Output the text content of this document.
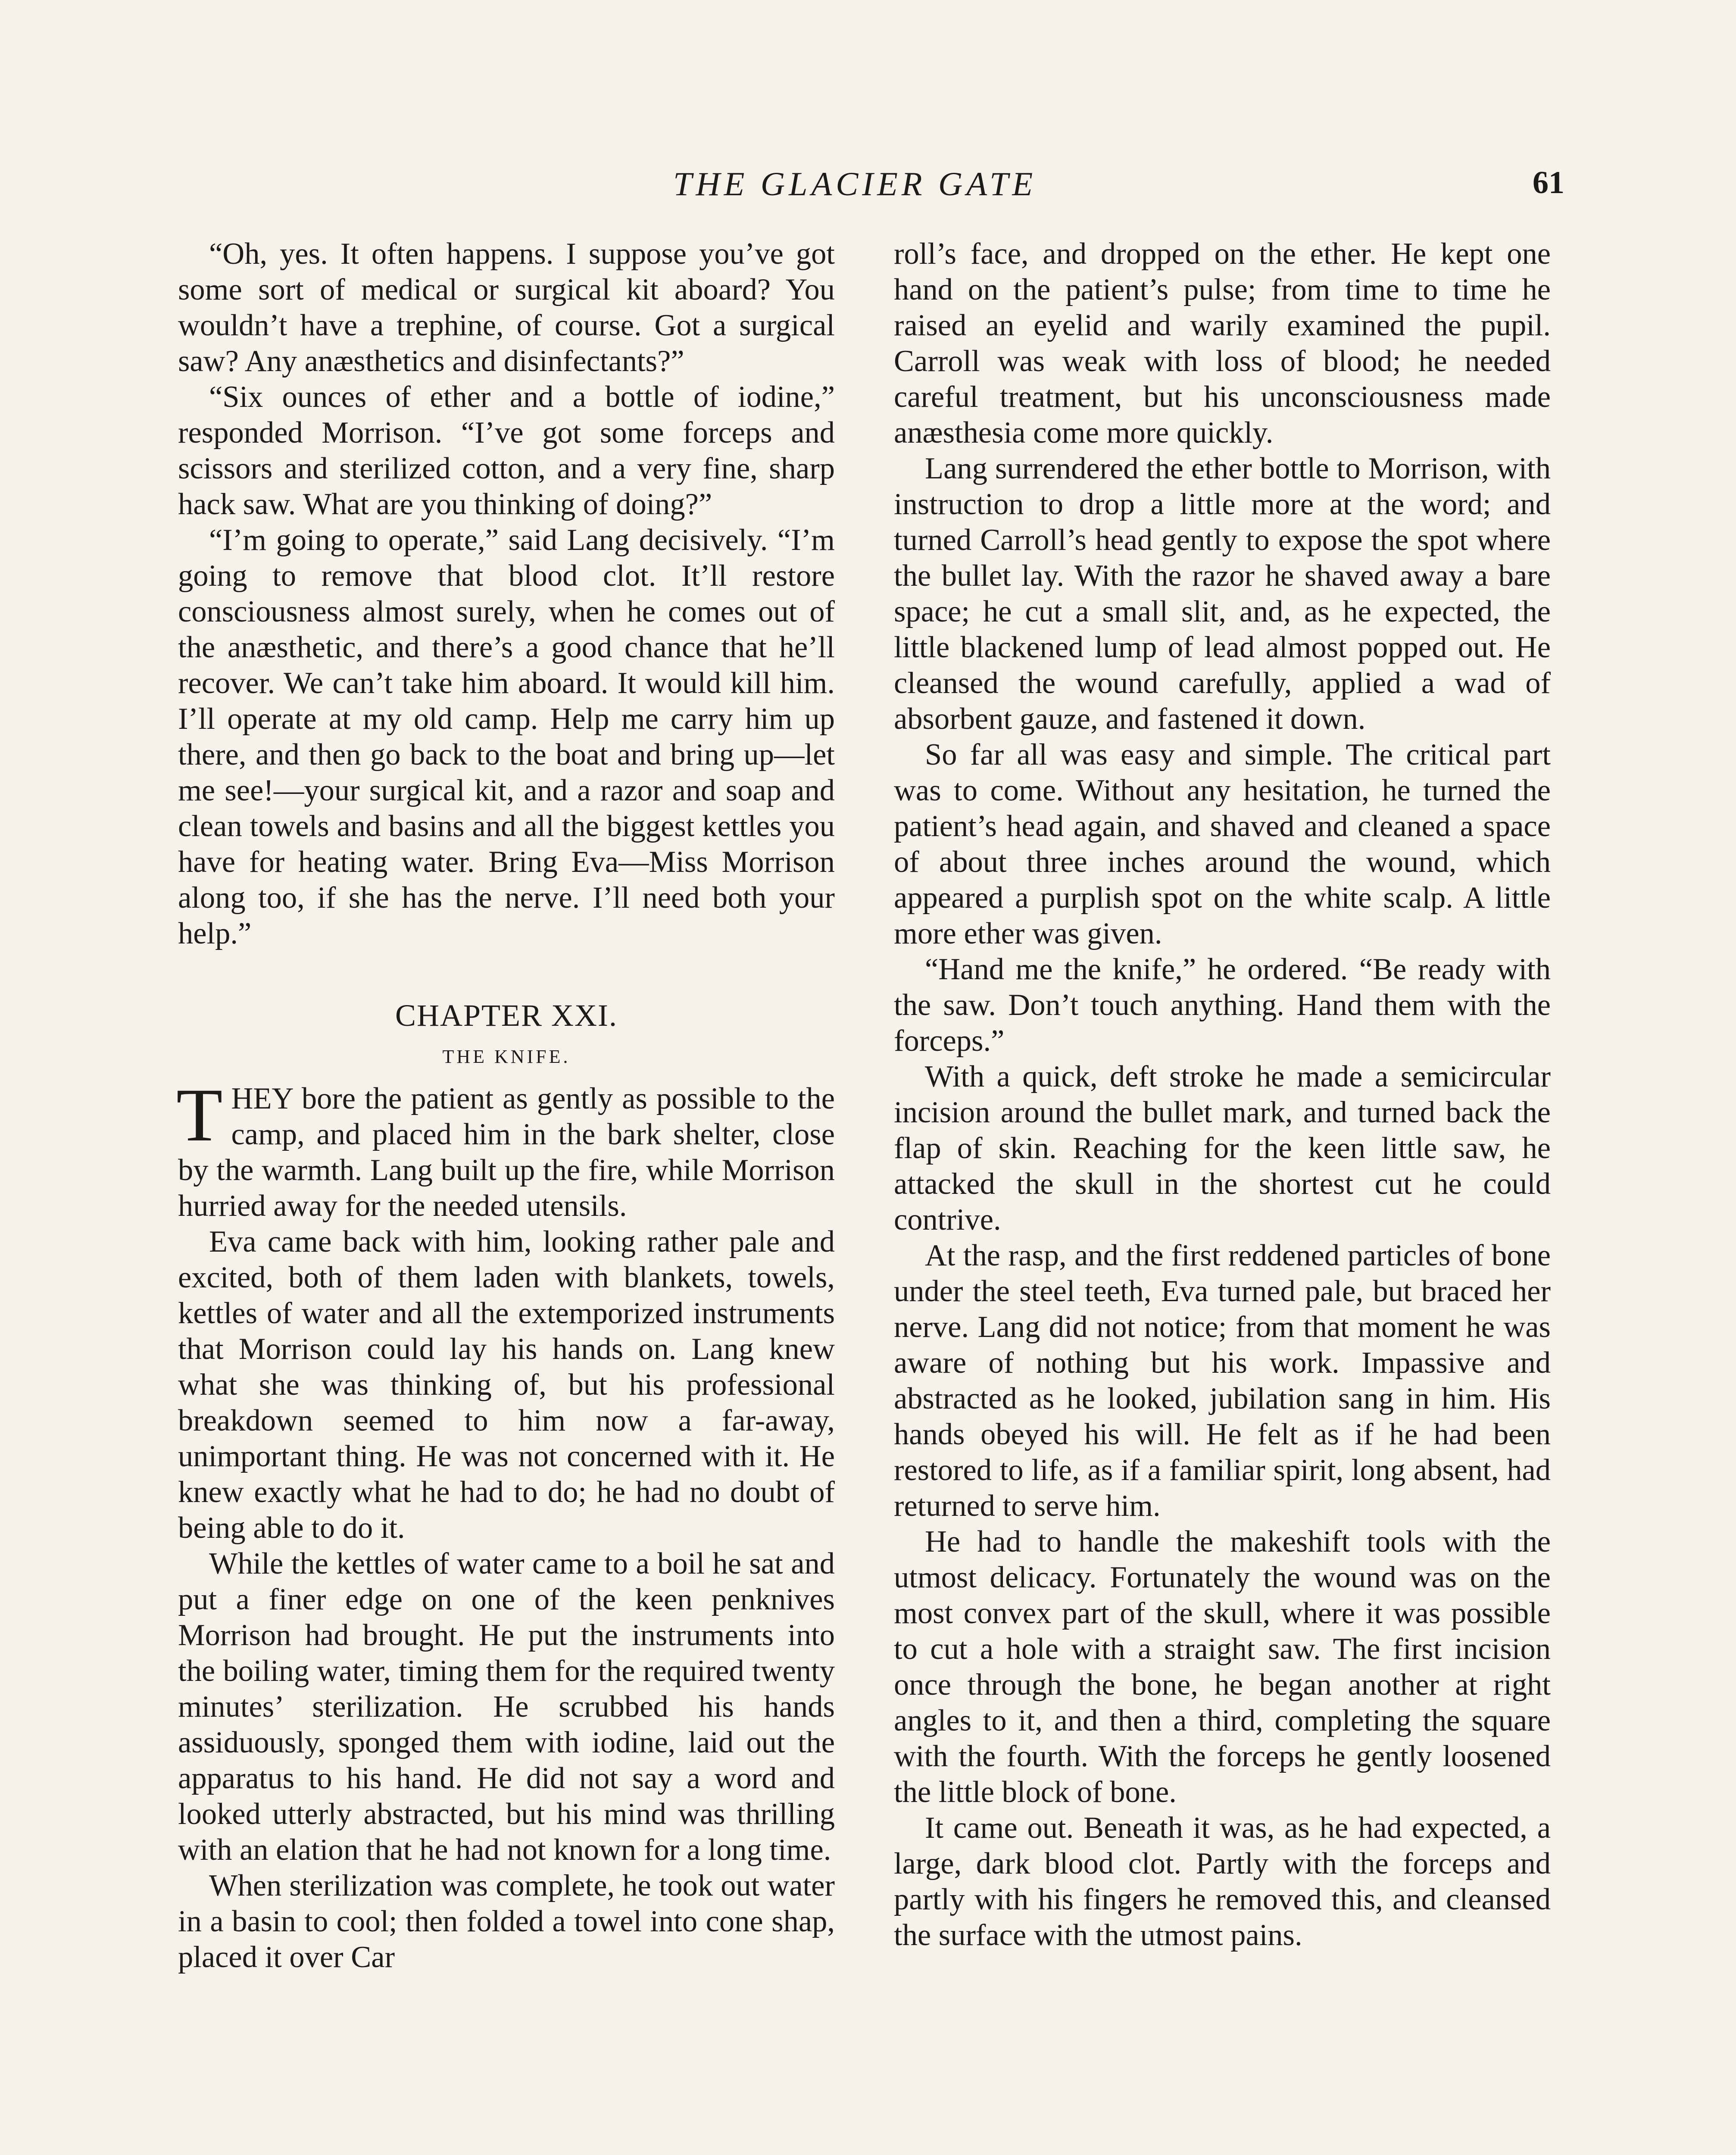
THE GLACIER GATE	61

“Oh, yes. It often happens. I suppose you’ve got some sort of medical or surgical kit aboard? You wouldn’t have a trephine, of course. Got a surgical saw? Any anæsthetics and disinfectants?”

“Six ounces of ether and a bottle of iodine,” responded Morrison. “I’ve got some forceps and scissors and sterilized cotton, and a very fine, sharp hack saw. What are you thinking of doing?”

“I’m going to operate,” said Lang decisively. “I’m going to remove that blood clot. It’ll restore consciousness almost surely, when he comes out of the anæsthetic, and there’s a good chance that he’ll recover. We can’t take him aboard. It would kill him. I’ll operate at my old camp. Help me carry him up there, and then go back to the boat and bring up—let me see!—your surgical kit, and a razor and soap and clean towels and basins and all the biggest kettles you have for heating water. Bring Eva—Miss Morrison along too, if she has the nerve. I’ll need both your help.”

CHAPTER XXI.
THE KNIFE.

THEY bore the patient as gently as possible to the camp, and placed him in the bark shelter, close by the warmth. Lang built up the fire, while Morrison hurried away for the needed utensils.

Eva came back with him, looking rather pale and excited, both of them laden with blankets, towels, kettles of water and all the extemporized instruments that Morrison could lay his hands on. Lang knew what she was thinking of, but his professional breakdown seemed to him now a far-away, unimportant thing. He was not concerned with it. He knew exactly what he had to do; he had no doubt of being able to do it.

While the kettles of water came to a boil he sat and put a finer edge on one of the keen penknives Morrison had brought. He put the instruments into the boiling water, timing them for the required twenty minutes’ sterilization. He scrubbed his hands assiduously, sponged them with iodine, laid out the apparatus to his hand. He did not say a word and looked utterly abstracted, but his mind was thrilling with an elation that he had not known for a long time.

When sterilization was complete, he took out water in a basin to cool; then folded a towel into cone shap, placed it over Car

roll’s face, and dropped on the ether. He kept one hand on the patient’s pulse; from time to time he raised an eyelid and warily examined the pupil. Carroll was weak with loss of blood; he needed careful treatment, but his unconsciousness made anæsthesia come more quickly.

Lang surrendered the ether bottle to Morrison, with instruction to drop a little more at the word; and turned Carroll’s head gently to expose the spot where the bullet lay. With the razor he shaved away a bare space; he cut a small slit, and, as he expected, the little blackened lump of lead almost popped out. He cleansed the wound carefully, applied a wad of absorbent gauze, and fastened it down.

So far all was easy and simple. The critical part was to come. Without any hesitation, he turned the patient’s head again, and shaved and cleaned a space of about three inches around the wound, which appeared a purplish spot on the white scalp. A little more ether was given.

“Hand me the knife,” he ordered. “Be ready with the saw. Don’t touch anything. Hand them with the forceps.”

With a quick, deft stroke he made a semicircular incision around the bullet mark, and turned back the flap of skin. Reaching for the keen little saw, he attacked the skull in the shortest cut he could contrive.

At the rasp, and the first reddened particles of bone under the steel teeth, Eva turned pale, but braced her nerve. Lang did not notice; from that moment he was aware of nothing but his work. Impassive and abstracted as he looked, jubilation sang in him. His hands obeyed his will. He felt as if he had been restored to life, as if a familiar spirit, long absent, had returned to serve him.

He had to handle the makeshift tools with the utmost delicacy. Fortunately the wound was on the most convex part of the skull, where it was possible to cut a hole with a straight saw. The first incision once through the bone, he began another at right angles to it, and then a third, completing the square with the fourth. With the forceps he gently loosened the little block of bone.

It came out. Beneath it was, as he had expected, a large, dark blood clot. Partly with the forceps and partly with his fingers he removed this, and cleansed the surface with the utmost pains.
